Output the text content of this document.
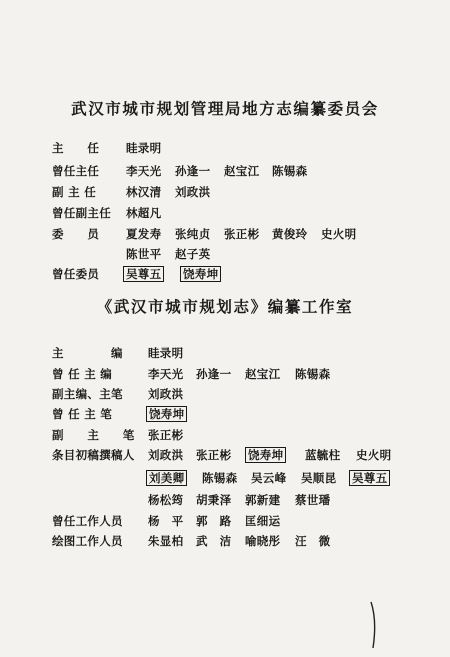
武汉市城市规划管理局地方志编纂委员会
主　　任 眭录明
曾任主任 李天光 孙逢一 赵宝江 陈锡森
副 主 任	林汉清 刘政洪
曾任副主任 林超凡
委　　员 夏发寿 张纯贞 张正彬 黄俊玲 史火明
陈世平 赵子英
曾任委员 吴尊五 饶寿坤
《武汉市城市规划志》编纂工作室
主　　　　编 眭录明
曾 任 主 编	李天光 孙逢一 赵宝江 陈锡森
副主编、主笔 刘政洪
曾 任 主 笔	饶寿坤
副　　主　　笔 张正彬
条目初稿撰稿人 刘政洪 张正彬 饶寿坤 蓝毓柱 史火明
刘美卿 陈锡森 吴云峰 吴顺昆 吴尊五
杨松筠 胡秉泽 郭新建 蔡世璠
曾任工作人员 杨　平 郭　路 匡细运
绘图工作人员 朱显柏 武　洁 喻晓彤 汪　微
